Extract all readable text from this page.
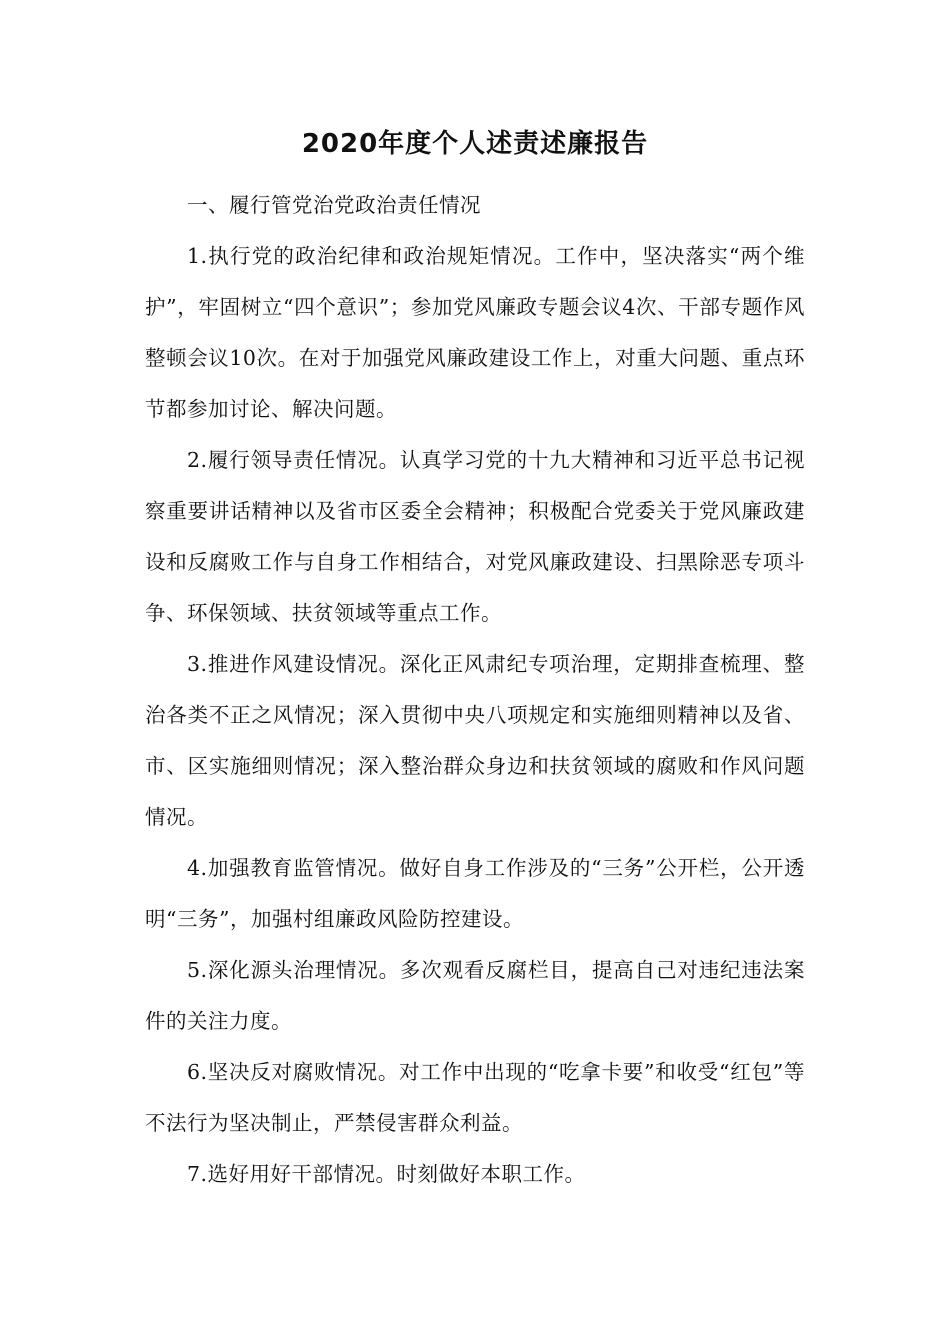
2020年度个人述责述廉报告

一、履行管党治党政治责任情况

1.执行党的政治纪律和政治规矩情况。工作中，坚决落实“两个维护”，牢固树立“四个意识”；参加党风廉政专题会议4次、干部专题作风整顿会议10次。在对于加强党风廉政建设工作上，对重大问题、重点环节都参加讨论、解决问题。

2.履行领导责任情况。认真学习党的十九大精神和习近平总书记视察重要讲话精神以及省市区委全会精神；积极配合党委关于党风廉政建设和反腐败工作与自身工作相结合，对党风廉政建设、扫黑除恶专项斗争、环保领域、扶贫领域等重点工作。

3.推进作风建设情况。深化正风肃纪专项治理，定期排查梳理、整治各类不正之风情况；深入贯彻中央八项规定和实施细则精神以及省、市、区实施细则情况；深入整治群众身边和扶贫领域的腐败和作风问题情况。

4.加强教育监管情况。做好自身工作涉及的“三务”公开栏，公开透明“三务”，加强村组廉政风险防控建设。

5.深化源头治理情况。多次观看反腐栏目，提高自己对违纪违法案件的关注力度。

6.坚决反对腐败情况。对工作中出现的“吃拿卡要”和收受“红包”等不法行为坚决制止，严禁侵害群众利益。

7.选好用好干部情况。时刻做好本职工作。
